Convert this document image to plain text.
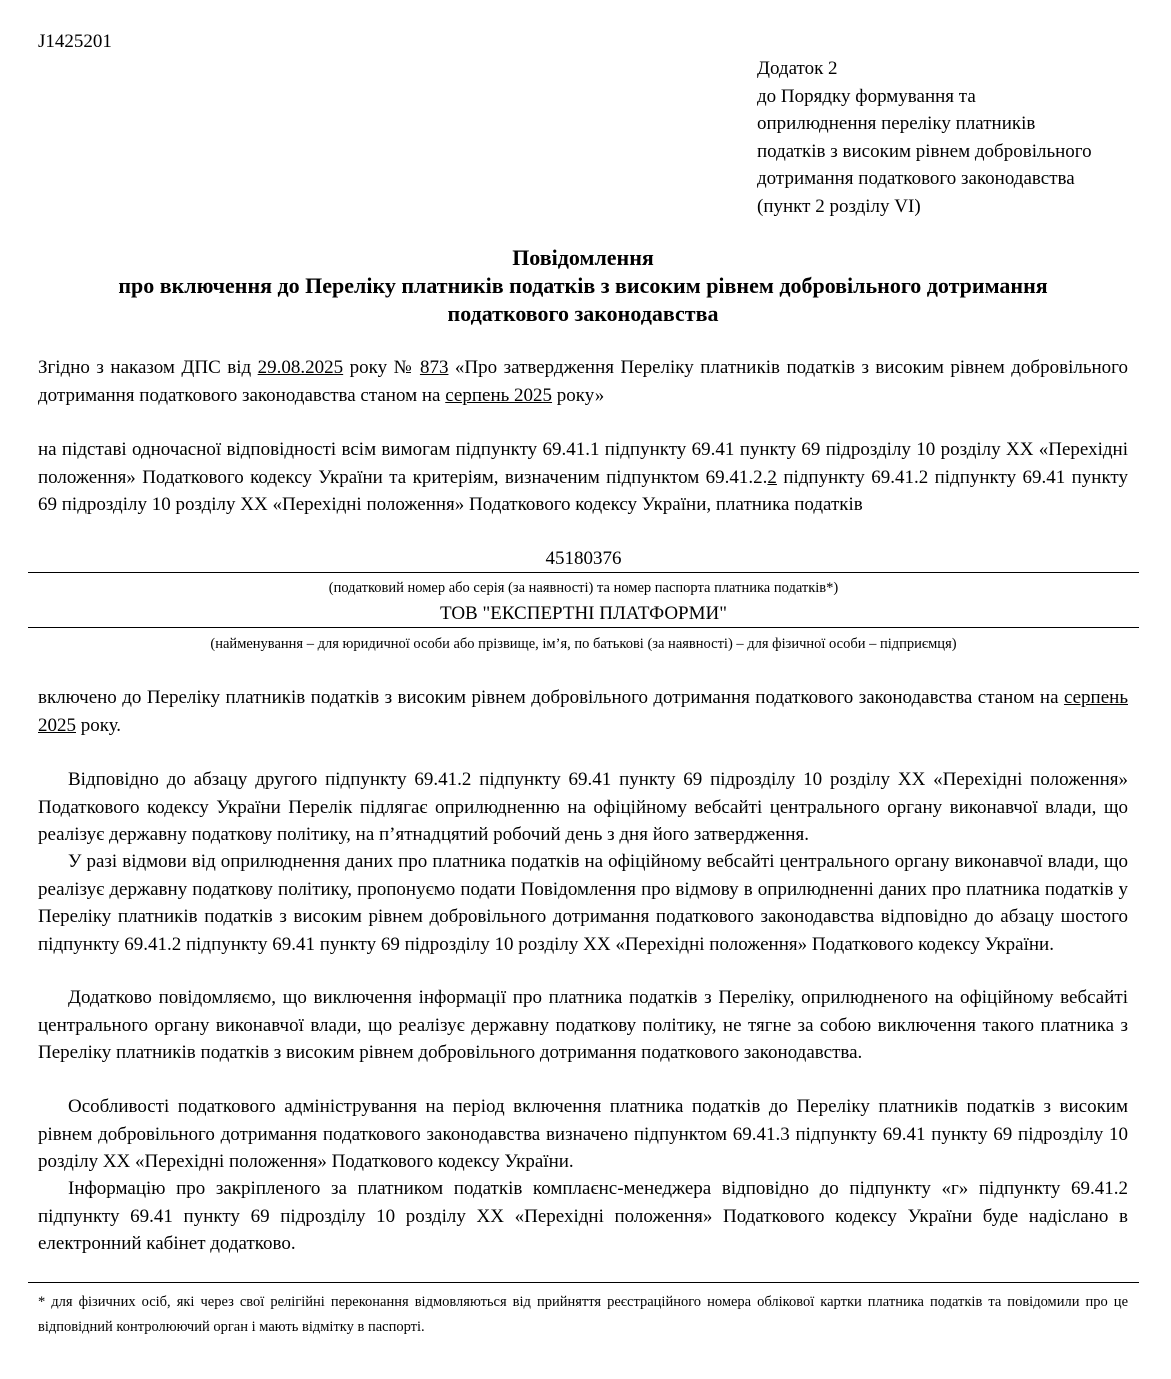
J1425201
Додаток 2
до Порядку формування та
оприлюднення переліку платників
податків з високим рівнем добровільного
дотримання податкового законодавства
(пункт 2 розділу VI)
Повідомлення
про включення до Переліку платників податків з високим рівнем добровільного дотримання
податкового законодавства
Згідно з наказом ДПС від 29.08.2025 року № 873 «Про затвердження Переліку платників податків з високим рівнем добровільного дотримання податкового законодавства станом на серпень 2025 року»
на підставі одночасної відповідності всім вимогам підпункту 69.41.1 підпункту 69.41 пункту 69 підрозділу 10 розділу ХХ «Перехідні положення» Податкового кодексу України та критеріям, визначеним підпунктом 69.41.2.2 підпункту 69.41.2 підпункту 69.41 пункту 69 підрозділу 10 розділу ХХ «Перехідні положення» Податкового кодексу України, платника податків
45180376
(податковий номер або серія (за наявності) та номер паспорта платника податків*)
ТОВ "ЕКСПЕРТНІ ПЛАТФОРМИ"
(найменування – для юридичної особи або прізвище, ім’я, по батькові (за наявності) – для фізичної особи – підприємця)
включено до Переліку платників податків з високим рівнем добровільного дотримання податкового законодавства станом на серпень 2025 року.
Відповідно до абзацу другого підпункту 69.41.2 підпункту 69.41 пункту 69 підрозділу 10 розділу ХХ «Перехідні положення» Податкового кодексу України Перелік підлягає оприлюдненню на офіційному вебсайті центрального органу виконавчої влади, що реалізує державну податкову політику, на п’ятнадцятий робочий день з дня його затвердження.
У разі відмови від оприлюднення даних про платника податків на офіційному вебсайті центрального органу виконавчої влади, що реалізує державну податкову політику, пропонуємо подати Повідомлення про відмову в оприлюдненні даних про платника податків у Переліку платників податків з високим рівнем добровільного дотримання податкового законодавства відповідно до абзацу шостого підпункту 69.41.2 підпункту 69.41 пункту 69 підрозділу 10 розділу ХХ «Перехідні положення» Податкового кодексу України.
Додатково повідомляємо, що виключення інформації про платника податків з Переліку, оприлюдненого на офіційному вебсайті центрального органу виконавчої влади, що реалізує державну податкову політику, не тягне за собою виключення такого платника з Переліку платників податків з високим рівнем добровільного дотримання податкового законодавства.
Особливості податкового адміністрування на період включення платника податків до Переліку платників податків з високим рівнем добровільного дотримання податкового законодавства визначено підпунктом 69.41.3 підпункту 69.41 пункту 69 підрозділу 10 розділу ХХ «Перехідні положення» Податкового кодексу України.
Інформацію про закріпленого за платником податків комплаєнс-менеджера відповідно до підпункту «г» підпункту 69.41.2 підпункту 69.41 пункту 69 підрозділу 10 розділу ХХ «Перехідні положення» Податкового кодексу України буде надіслано в електронний кабінет додатково.
* для фізичних осіб, які через свої релігійні переконання відмовляються від прийняття реєстраційного номера облікової картки платника податків та повідомили про це відповідний контролюючий орган і мають відмітку в паспорті.
